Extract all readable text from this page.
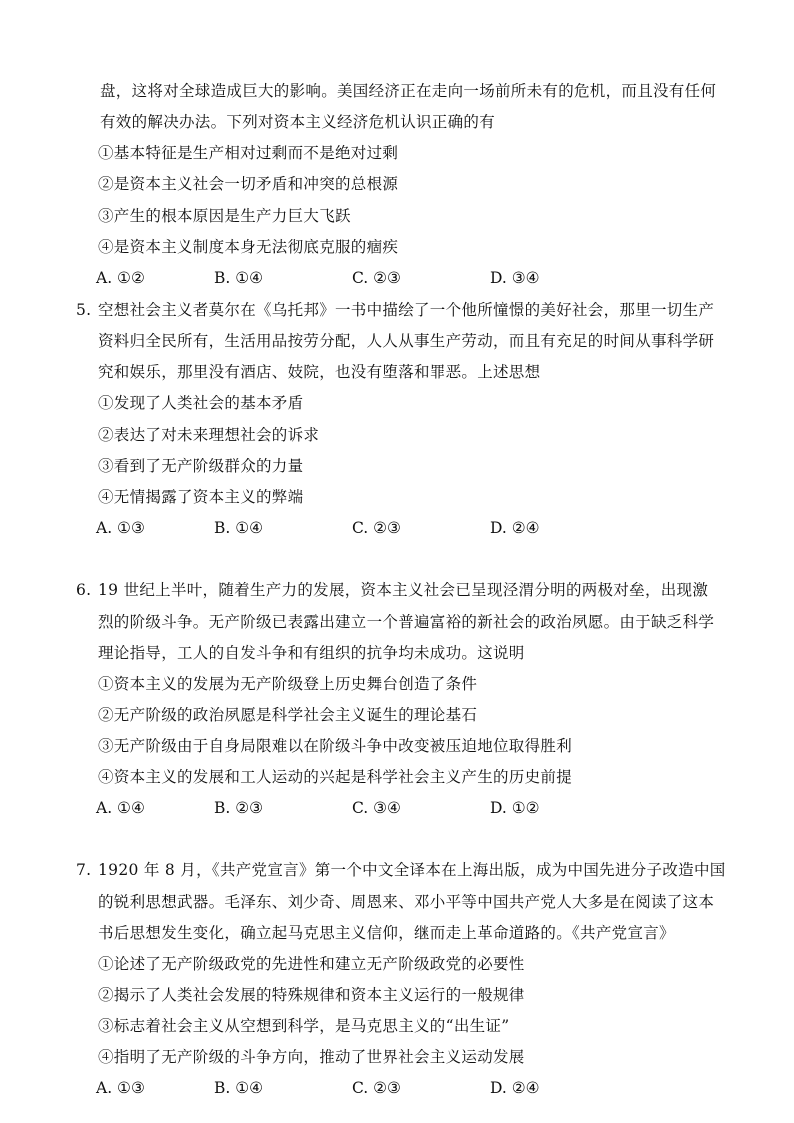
盘，这将对全球造成巨大的影响。美国经济正在走向一场前所未有的危机，而且没有任何
有效的解决办法。下列对资本主义经济危机认识正确的有
①基本特征是生产相对过剩而不是绝对过剩
②是资本主义社会一切矛盾和冲突的总根源
③产生的根本原因是生产力巨大飞跃
④是资本主义制度本身无法彻底克服的痼疾
A. ①②	B. ①④	C. ②③	D. ③④
5. 空想社会主义者莫尔在《乌托邦》一书中描绘了一个他所憧憬的美好社会，那里一切生产
资料归全民所有，生活用品按劳分配，人人从事生产劳动，而且有充足的时间从事科学研
究和娱乐，那里没有酒店、妓院，也没有堕落和罪恶。上述思想
①发现了人类社会的基本矛盾
②表达了对未来理想社会的诉求
③看到了无产阶级群众的力量
④无情揭露了资本主义的弊端
A. ①③	B. ①④	C. ②③	D. ②④
6. 19 世纪上半叶，随着生产力的发展，资本主义社会已呈现泾渭分明的两极对垒，出现激
烈的阶级斗争。无产阶级已表露出建立一个普遍富裕的新社会的政治夙愿。由于缺乏科学
理论指导，工人的自发斗争和有组织的抗争均未成功。这说明
①资本主义的发展为无产阶级登上历史舞台创造了条件
②无产阶级的政治夙愿是科学社会主义诞生的理论基石
③无产阶级由于自身局限难以在阶级斗争中改变被压迫地位取得胜利
④资本主义的发展和工人运动的兴起是科学社会主义产生的历史前提
A. ①④	B. ②③	C. ③④	D. ①②
7. 1920 年 8 月，《共产党宣言》第一个中文全译本在上海出版，成为中国先进分子改造中国
的锐利思想武器。毛泽东、刘少奇、周恩来、邓小平等中国共产党人大多是在阅读了这本
书后思想发生变化，确立起马克思主义信仰，继而走上革命道路的。《共产党宣言》
①论述了无产阶级政党的先进性和建立无产阶级政党的必要性
②揭示了人类社会发展的特殊规律和资本主义运行的一般规律
③标志着社会主义从空想到科学，是马克思主义的“出生证”
④指明了无产阶级的斗争方向，推动了世界社会主义运动发展
A. ①③	B. ①④	C. ②③	D. ②④
